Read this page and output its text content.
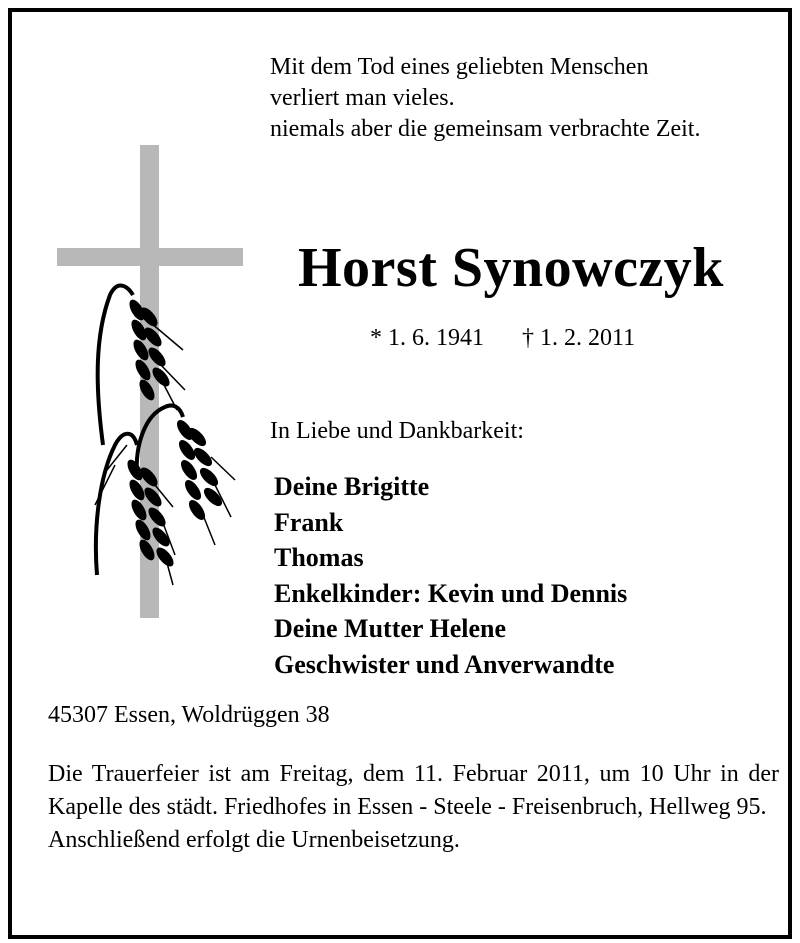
Mit dem Tod eines geliebten Menschen
verliert man vieles.
niemals aber die gemeinsam verbrachte Zeit.
Horst Synowczyk
* 1. 6. 1941 † 1. 2. 2011
In Liebe und Dankbarkeit:
Deine Brigitte
Frank
Thomas
Enkelkinder: Kevin und Dennis
Deine Mutter Helene
Geschwister und Anverwandte
45307 Essen, Woldrüggen 38

Die Trauerfeier ist am Freitag, dem 11. Februar 2011, um 10 Uhr in der Kapelle des städt. Friedhofes in Essen - Steele - Freisenbruch, Hellweg 95.

Anschließend erfolgt die Urnenbeisetzung.
